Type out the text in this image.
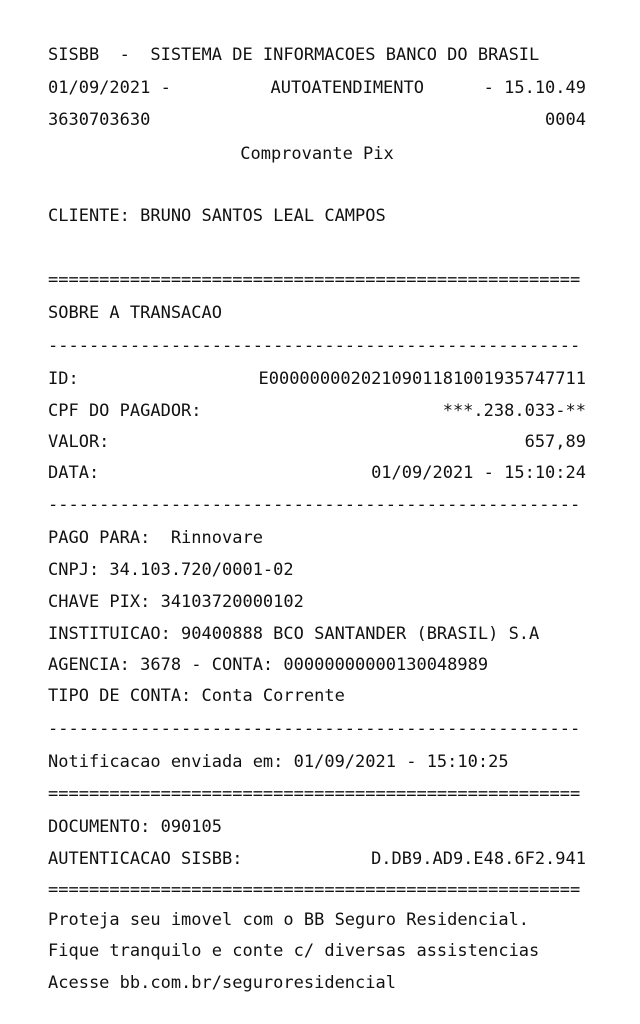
SISBB  -  SISTEMA DE INFORMACOES BANCO DO BRASIL
01/09/2021 -	AUTOATENDIMENTO	- 15.10.49
3630703630	0004
Comprovante Pix
CLIENTE: BRUNO SANTOS LEAL CAMPOS

====================================================
SOBRE A TRANSACAO
----------------------------------------------------
ID:	E0000000020210901181001935747711
CPF DO PAGADOR:	***.238.033-**
VALOR:	657,89
DATA:	01/09/2021 - 15:10:24
----------------------------------------------------
PAGO PARA:  Rinnovare
CNPJ: 34.103.720/0001-02
CHAVE PIX: 34103720000102
INSTITUICAO: 90400888 BCO SANTANDER (BRASIL) S.A
AGENCIA: 3678 - CONTA: 00000000000130048989
TIPO DE CONTA: Conta Corrente
----------------------------------------------------
Notificacao enviada em: 01/09/2021 - 15:10:25
====================================================
DOCUMENTO: 090105
AUTENTICACAO SISBB:	D.DB9.AD9.E48.6F2.941
====================================================
Proteja seu imovel com o BB Seguro Residencial.
Fique tranquilo e conte c/ diversas assistencias
Acesse bb.com.br/seguroresidencial
